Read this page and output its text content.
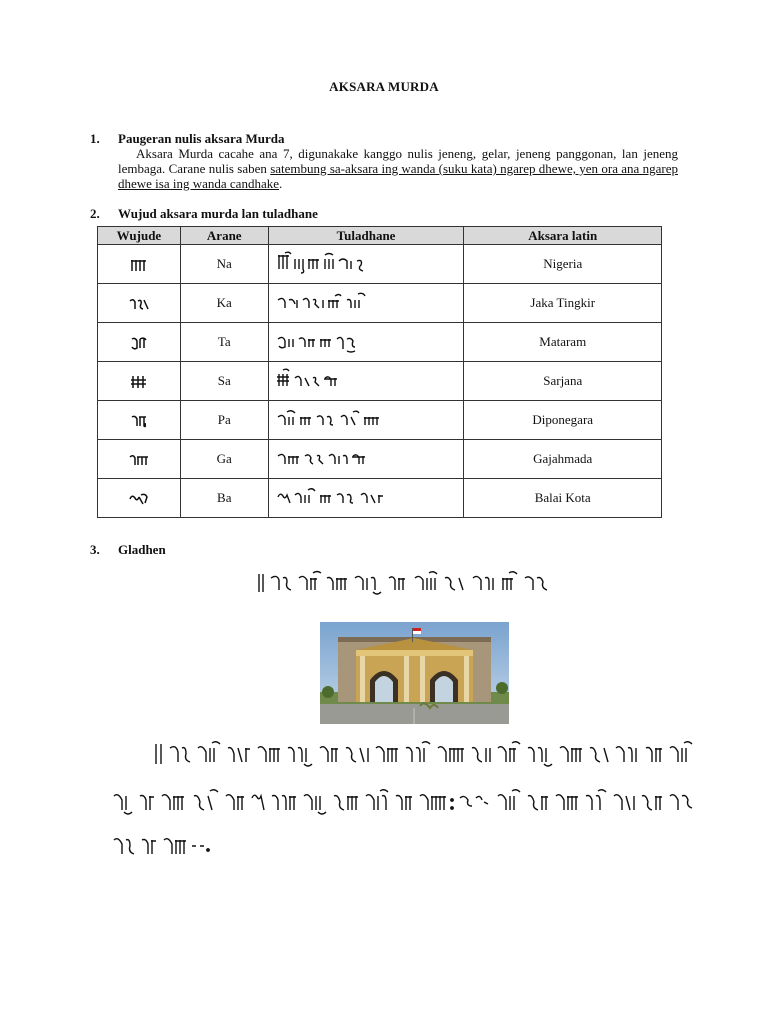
AKSARA MURDA
1. Paugeran nulis aksara Murda
Aksara Murda cacahe ana 7, digunakake kanggo nulis jeneng, gelar, jeneng panggonan, lan jeneng lembaga. Carane nulis saben satembung sa-aksara ing wanda (suku kata) ngarep dhewe, yen ora ana ngarep dhewe isa ing wanda candhake.
2. Wujud aksara murda lan tuladhane
Wujude	Arane	Tuladhane	Aksara latin
	Na		Nigeria
	Ka		Jaka Tingkir
	Ta		Mataram
	Sa		Sarjana
	Pa		Diponegara
	Ga		Gajahmada
	Ba		Balai Kota
3. Gladhen
